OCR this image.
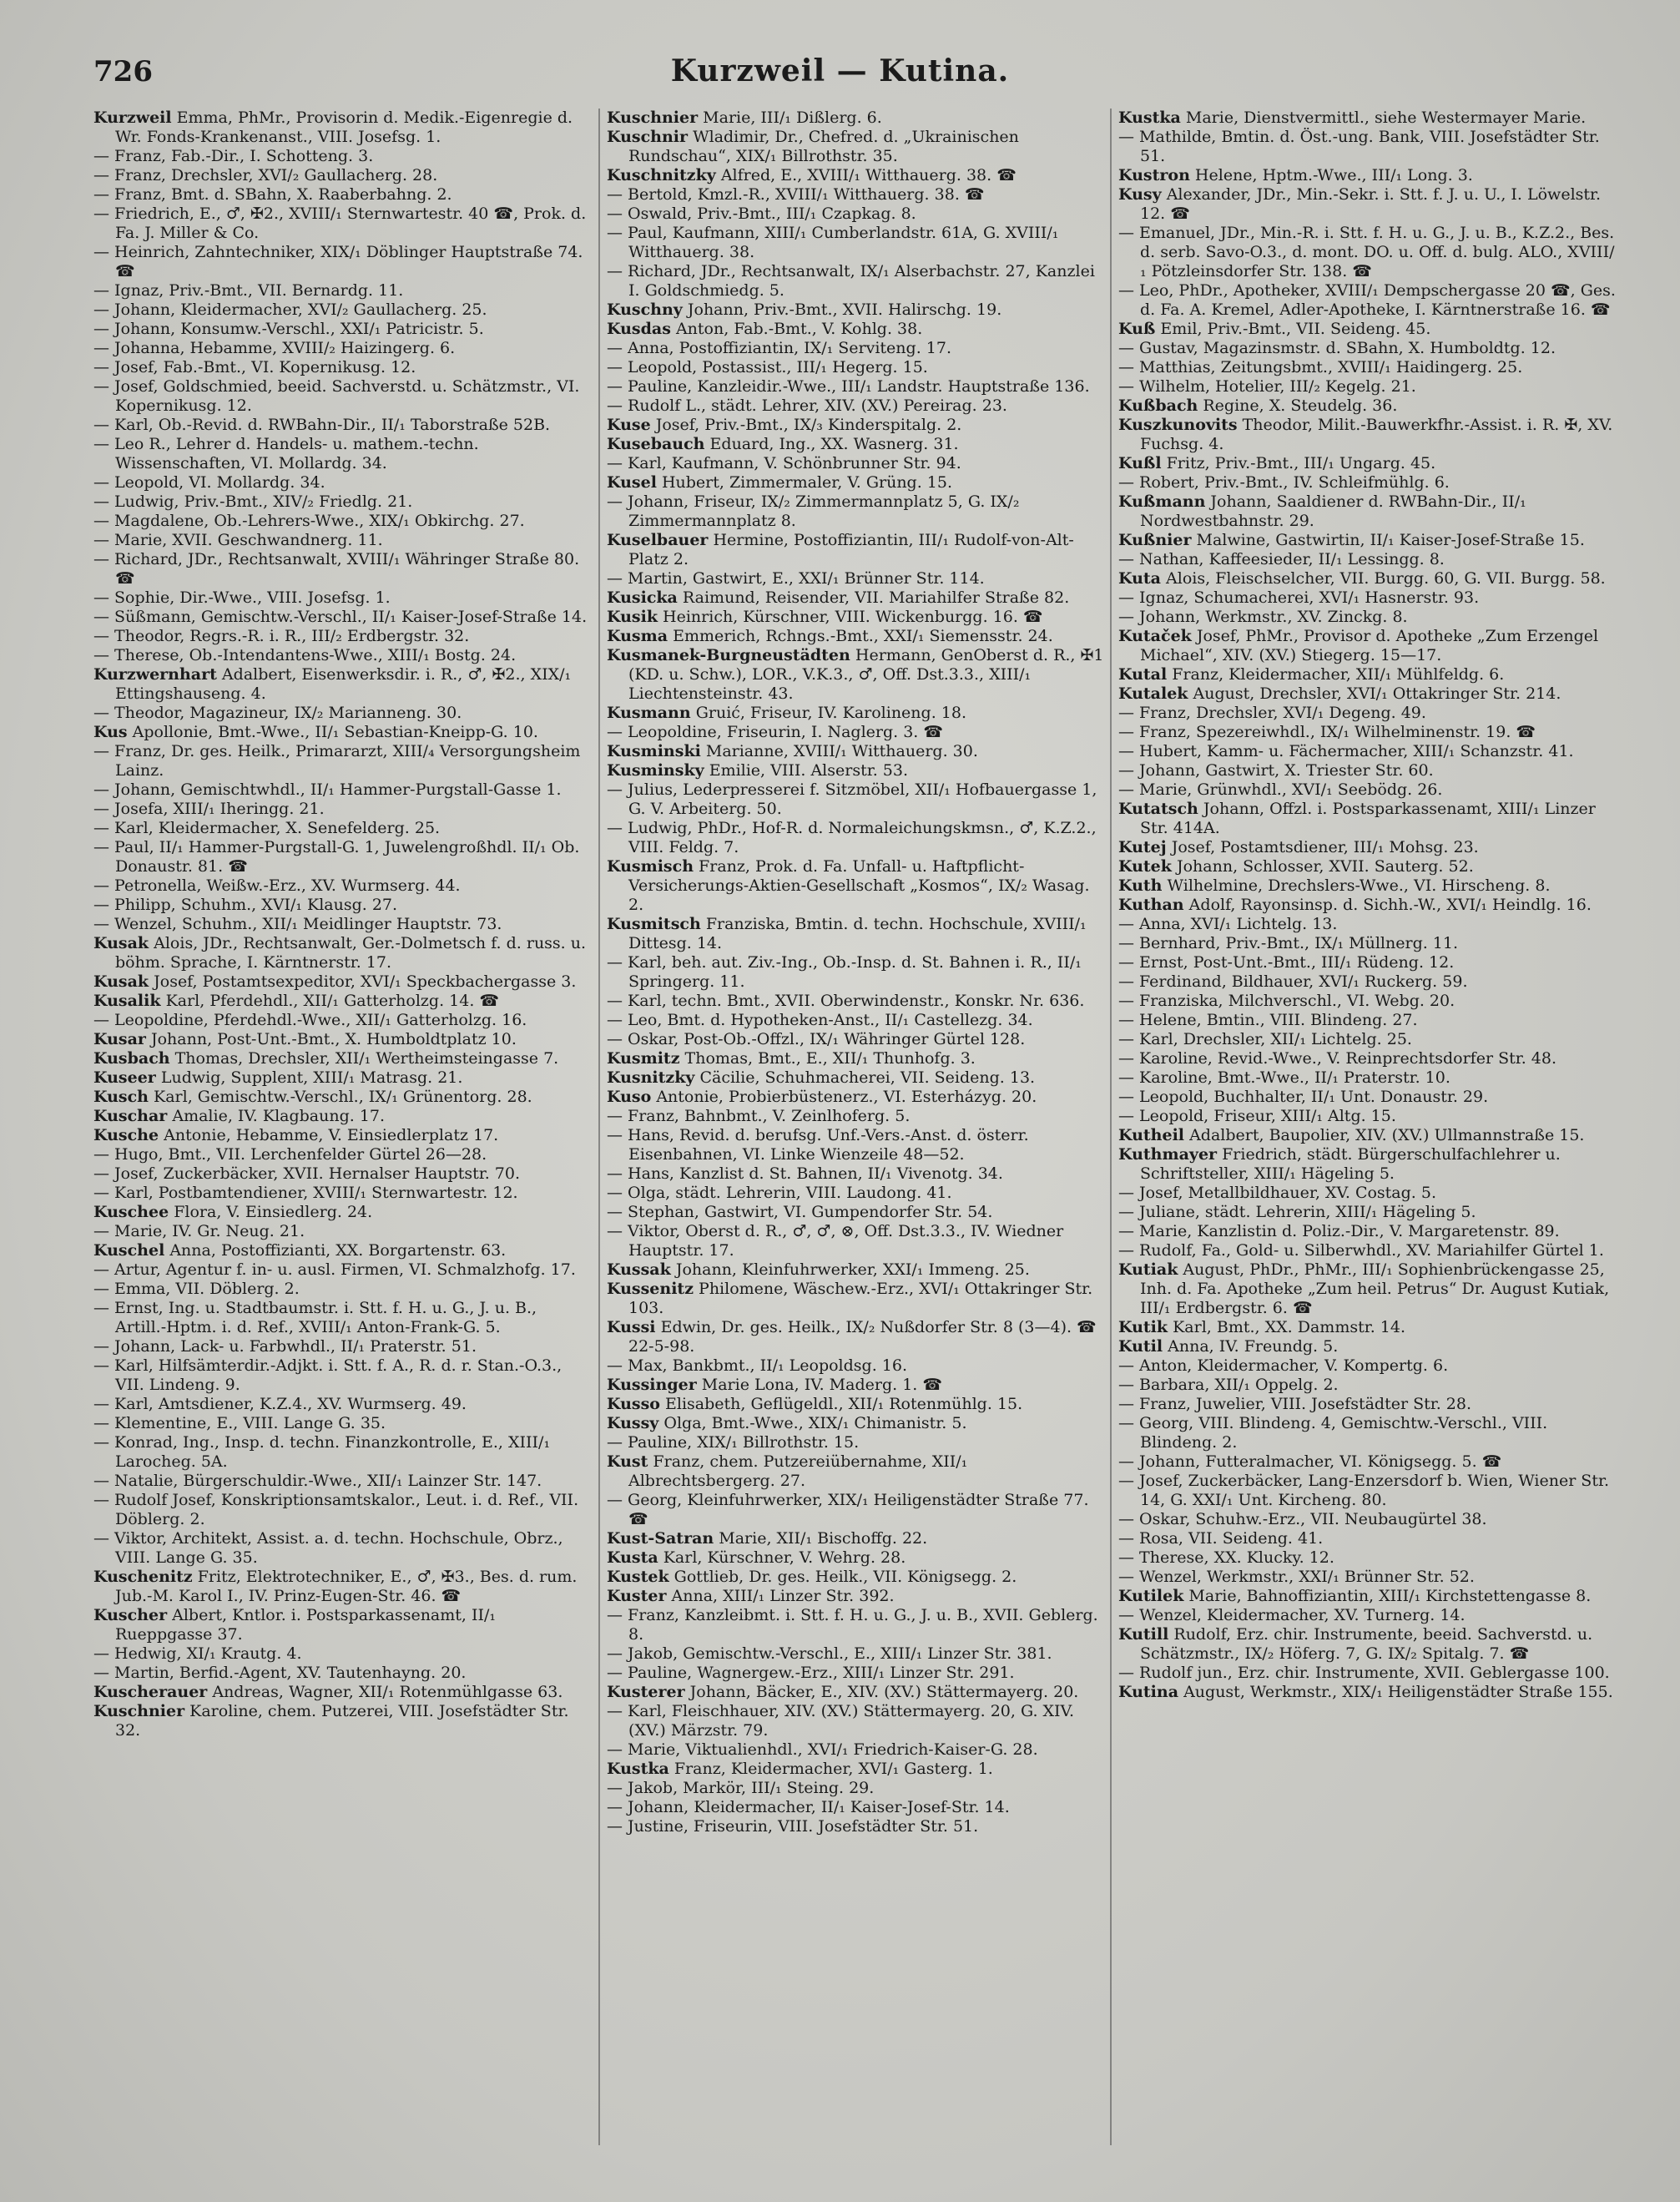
726	Kurzweil — Kutina.

Kurzweil Emma, PhMr., Provisorin d. Medik.-Eigenregie d. Wr. Fonds-Krankenanst., VIII. Josefsg. 1.

— Franz, Fab.-Dir., I. Schotteng. 3.

— Franz, Drechsler, XVI/₂ Gaullacherg. 28.

— Franz, Bmt. d. SBahn, X. Raaberbahng. 2.

— Friedrich, E., ♂, ✠2., XVIII/₁ Sternwartestr. 40 ☎, Prok. d. Fa. J. Miller & Co.

— Heinrich, Zahntechniker, XIX/₁ Döblinger Hauptstraße 74. ☎

— Ignaz, Priv.-Bmt., VII. Bernardg. 11.

— Johann, Kleidermacher, XVI/₂ Gaullacherg. 25.

— Johann, Konsumw.-Verschl., XXI/₁ Patricistr. 5.

— Johanna, Hebamme, XVIII/₂ Haizingerg. 6.

— Josef, Fab.-Bmt., VI. Kopernikusg. 12.

— Josef, Goldschmied, beeid. Sachverstd. u. Schätzmstr., VI. Kopernikusg. 12.

— Karl, Ob.-Revid. d. RWBahn-Dir., II/₁ Taborstraße 52B.

— Leo R., Lehrer d. Handels- u. mathem.-techn. Wissenschaften, VI. Mollardg. 34.

— Leopold, VI. Mollardg. 34.

— Ludwig, Priv.-Bmt., XIV/₂ Friedlg. 21.

— Magdalene, Ob.-Lehrers-Wwe., XIX/₁ Obkirchg. 27.

— Marie, XVII. Geschwandnerg. 11.

— Richard, JDr., Rechtsanwalt, XVIII/₁ Währinger Straße 80. ☎

— Sophie, Dir.-Wwe., VIII. Josefsg. 1.

— Süßmann, Gemischtw.-Verschl., II/₁ Kaiser-Josef-Straße 14.

— Theodor, Regrs.-R. i. R., III/₂ Erdbergstr. 32.

— Therese, Ob.-Intendantens-Wwe., XIII/₁ Bostg. 24.

Kurzwernhart Adalbert, Eisenwerksdir. i. R., ♂, ✠2., XIX/₁ Ettingshauseng. 4.

— Theodor, Magazineur, IX/₂ Marianneng. 30.

Kus Apollonie, Bmt.-Wwe., II/₁ Sebastian-Kneipp-G. 10.

— Franz, Dr. ges. Heilk., Primararzt, XIII/₄ Versorgungsheim Lainz.

— Johann, Gemischtwhdl., II/₁ Hammer-Purgstall-Gasse 1.

— Josefa, XIII/₁ Iheringg. 21.

— Karl, Kleidermacher, X. Senefelderg. 25.

— Paul, II/₁ Hammer-Purgstall-G. 1, Juwelengroßhdl. II/₁ Ob. Donaustr. 81. ☎

— Petronella, Weißw.-Erz., XV. Wurmserg. 44.

— Philipp, Schuhm., XVI/₁ Klausg. 27.

— Wenzel, Schuhm., XII/₁ Meidlinger Hauptstr. 73.

Kusak Alois, JDr., Rechtsanwalt, Ger.-Dolmetsch f. d. russ. u. böhm. Sprache, I. Kärntnerstr. 17.

Kusak Josef, Postamtsexpeditor, XVI/₁ Speckbachergasse 3.

Kusalik Karl, Pferdehdl., XII/₁ Gatterholzg. 14. ☎

— Leopoldine, Pferdehdl.-Wwe., XII/₁ Gatterholzg. 16.

Kusar Johann, Post-Unt.-Bmt., X. Humboldtplatz 10.

Kusbach Thomas, Drechsler, XII/₁ Wertheimsteingasse 7.

Kuseer Ludwig, Supplent, XIII/₁ Matrasg. 21.

Kusch Karl, Gemischtw.-Verschl., IX/₁ Grünentorg. 28.

Kuschar Amalie, IV. Klagbaung. 17.

Kusche Antonie, Hebamme, V. Einsiedlerplatz 17.

— Hugo, Bmt., VII. Lerchenfelder Gürtel 26—28.

— Josef, Zuckerbäcker, XVII. Hernalser Hauptstr. 70.

— Karl, Postbamtendiener, XVIII/₁ Sternwartestr. 12.

Kuschee Flora, V. Einsiedlerg. 24.

— Marie, IV. Gr. Neug. 21.

Kuschel Anna, Postoffizianti, XX. Borgartenstr. 63.

— Artur, Agentur f. in- u. ausl. Firmen, VI. Schmalzhofg. 17.

— Emma, VII. Döblerg. 2.

— Ernst, Ing. u. Stadtbaumstr. i. Stt. f. H. u. G., J. u. B., Artill.-Hptm. i. d. Ref., XVIII/₁ Anton-Frank-G. 5.

— Johann, Lack- u. Farbwhdl., II/₁ Praterstr. 51.

— Karl, Hilfsämterdir.-Adjkt. i. Stt. f. A., R. d. r. Stan.-O.3., VII. Lindeng. 9.

— Karl, Amtsdiener, K.Z.4., XV. Wurmserg. 49.

— Klementine, E., VIII. Lange G. 35.

— Konrad, Ing., Insp. d. techn. Finanzkontrolle, E., XIII/₁ Larocheg. 5A.

— Natalie, Bürgerschuldir.-Wwe., XII/₁ Lainzer Str. 147.

— Rudolf Josef, Konskriptionsamtskalor., Leut. i. d. Ref., VII. Döblerg. 2.

— Viktor, Architekt, Assist. a. d. techn. Hochschule, Obrz., VIII. Lange G. 35.

Kuschenitz Fritz, Elektrotechniker, E., ♂, ✠3., Bes. d. rum. Jub.-M. Karol I., IV. Prinz-Eugen-Str. 46. ☎

Kuscher Albert, Kntlor. i. Postsparkassenamt, II/₁ Rueppgasse 37.

— Hedwig, XI/₁ Krautg. 4.

— Martin, Berfid.-Agent, XV. Tautenhayng. 20.

Kuscherauer Andreas, Wagner, XII/₁ Rotenmühlgasse 63.

Kuschnier Karoline, chem. Putzerei, VIII. Josefstädter Str. 32.

Kuschnier Marie, III/₁ Dißlerg. 6.

Kuschnir Wladimir, Dr., Chefred. d. „Ukrainischen Rundschau“, XIX/₁ Billrothstr. 35.

Kuschnitzky Alfred, E., XVIII/₁ Witthauerg. 38. ☎

— Bertold, Kmzl.-R., XVIII/₁ Witthauerg. 38. ☎

— Oswald, Priv.-Bmt., III/₁ Czapkag. 8.

— Paul, Kaufmann, XIII/₁ Cumberlandstr. 61A, G. XVIII/₁ Witthauerg. 38.

— Richard, JDr., Rechtsanwalt, IX/₁ Alserbachstr. 27, Kanzlei I. Goldschmiedg. 5.

Kuschny Johann, Priv.-Bmt., XVII. Halirschg. 19.

Kusdas Anton, Fab.-Bmt., V. Kohlg. 38.

— Anna, Postoffiziantin, IX/₁ Serviteng. 17.

— Leopold, Postassist., III/₁ Hegerg. 15.

— Pauline, Kanzleidir.-Wwe., III/₁ Landstr. Hauptstraße 136.

— Rudolf L., städt. Lehrer, XIV. (XV.) Pereirag. 23.

Kuse Josef, Priv.-Bmt., IX/₃ Kinderspitalg. 2.

Kusebauch Eduard, Ing., XX. Wasnerg. 31.

— Karl, Kaufmann, V. Schönbrunner Str. 94.

Kusel Hubert, Zimmermaler, V. Grüng. 15.

— Johann, Friseur, IX/₂ Zimmermannplatz 5, G. IX/₂ Zimmermannplatz 8.

Kuselbauer Hermine, Postoffiziantin, III/₁ Rudolf-von-Alt-Platz 2.

— Martin, Gastwirt, E., XXI/₁ Brünner Str. 114.

Kusicka Raimund, Reisender, VII. Mariahilfer Straße 82.

Kusik Heinrich, Kürschner, VIII. Wickenburgg. 16. ☎

Kusma Emmerich, Rchngs.-Bmt., XXI/₁ Siemensstr. 24.

Kusmanek-Burgneustädten Hermann, GenOberst d. R., ✠1 (KD. u. Schw.), LOR., V.K.3., ♂, Off. Dst.3.3., XIII/₁ Liechtensteinstr. 43.

Kusmann Gruić, Friseur, IV. Karolineng. 18.

— Leopoldine, Friseurin, I. Naglerg. 3. ☎

Kusminski Marianne, XVIII/₁ Witthauerg. 30.

Kusminsky Emilie, VIII. Alserstr. 53.

— Julius, Lederpresserei f. Sitzmöbel, XII/₁ Hofbauergasse 1, G. V. Arbeiterg. 50.

— Ludwig, PhDr., Hof-R. d. Normaleichungskmsn., ♂, K.Z.2., VIII. Feldg. 7.

Kusmisch Franz, Prok. d. Fa. Unfall- u. Haftpflicht-Versicherungs-Aktien-Gesellschaft „Kosmos“, IX/₂ Wasag. 2.

Kusmitsch Franziska, Bmtin. d. techn. Hochschule, XVIII/₁ Dittesg. 14.

— Karl, beh. aut. Ziv.-Ing., Ob.-Insp. d. St. Bahnen i. R., II/₁ Springerg. 11.

— Karl, techn. Bmt., XVII. Oberwindenstr., Konskr. Nr. 636.

— Leo, Bmt. d. Hypotheken-Anst., II/₁ Castellezg. 34.

— Oskar, Post-Ob.-Offzl., IX/₁ Währinger Gürtel 128.

Kusmitz Thomas, Bmt., E., XII/₁ Thunhofg. 3.

Kusnitzky Cäcilie, Schuhmacherei, VII. Seideng. 13.

Kuso Antonie, Probierbüstenerz., VI. Esterházyg. 20.

— Franz, Bahnbmt., V. Zeinlhoferg. 5.

— Hans, Revid. d. berufsg. Unf.-Vers.-Anst. d. österr. Eisenbahnen, VI. Linke Wienzeile 48—52.

— Hans, Kanzlist d. St. Bahnen, II/₁ Vivenotg. 34.

— Olga, städt. Lehrerin, VIII. Laudong. 41.

— Stephan, Gastwirt, VI. Gumpendorfer Str. 54.

— Viktor, Oberst d. R., ♂, ♂, ⊗, Off. Dst.3.3., IV. Wiedner Hauptstr. 17.

Kussak Johann, Kleinfuhrwerker, XXI/₁ Immeng. 25.

Kussenitz Philomene, Wäschew.-Erz., XVI/₁ Ottakringer Str. 103.

Kussi Edwin, Dr. ges. Heilk., IX/₂ Nußdorfer Str. 8 (3—4). ☎ 22-5-98.

— Max, Bankbmt., II/₁ Leopoldsg. 16.

Kussinger Marie Lona, IV. Maderg. 1. ☎

Kusso Elisabeth, Geflügeldl., XII/₁ Rotenmühlg. 15.

Kussy Olga, Bmt.-Wwe., XIX/₁ Chimanistr. 5.

— Pauline, XIX/₁ Billrothstr. 15.

Kust Franz, chem. Putzereiübernahme, XII/₁ Albrechtsbergerg. 27.

— Georg, Kleinfuhrwerker, XIX/₁ Heiligenstädter Straße 77. ☎

Kust-Satran Marie, XII/₁ Bischoffg. 22.

Kusta Karl, Kürschner, V. Wehrg. 28.

Kustek Gottlieb, Dr. ges. Heilk., VII. Königsegg. 2.

Kuster Anna, XIII/₁ Linzer Str. 392.

— Franz, Kanzleibmt. i. Stt. f. H. u. G., J. u. B., XVII. Geblerg. 8.

— Jakob, Gemischtw.-Verschl., E., XIII/₁ Linzer Str. 381.

— Pauline, Wagnergew.-Erz., XIII/₁ Linzer Str. 291.

Kusterer Johann, Bäcker, E., XIV. (XV.) Stättermayerg. 20.

— Karl, Fleischhauer, XIV. (XV.) Stättermayerg. 20, G. XIV. (XV.) Märzstr. 79.

— Marie, Viktualienhdl., XVI/₁ Friedrich-Kaiser-G. 28.

Kustka Franz, Kleidermacher, XVI/₁ Gasterg. 1.

— Jakob, Markör, III/₁ Steing. 29.

— Johann, Kleidermacher, II/₁ Kaiser-Josef-Str. 14.

— Justine, Friseurin, VIII. Josefstädter Str. 51.

Kustka Marie, Dienstvermittl., siehe Westermayer Marie.

— Mathilde, Bmtin. d. Öst.-ung. Bank, VIII. Josefstädter Str. 51.

Kustron Helene, Hptm.-Wwe., III/₁ Long. 3.

Kusy Alexander, JDr., Min.-Sekr. i. Stt. f. J. u. U., I. Löwelstr. 12. ☎

— Emanuel, JDr., Min.-R. i. Stt. f. H. u. G., J. u. B., K.Z.2., Bes. d. serb. Savo-O.3., d. mont. DO. u. Off. d. bulg. ALO., XVIII/₁ Pötzleinsdorfer Str. 138. ☎

— Leo, PhDr., Apotheker, XVIII/₁ Dempschergasse 20 ☎, Ges. d. Fa. A. Kremel, Adler-Apotheke, I. Kärntnerstraße 16. ☎

Kuß Emil, Priv.-Bmt., VII. Seideng. 45.

— Gustav, Magazinsmstr. d. SBahn, X. Humboldtg. 12.

— Matthias, Zeitungsbmt., XVIII/₁ Haidingerg. 25.

— Wilhelm, Hotelier, III/₂ Kegelg. 21.

Kußbach Regine, X. Steudelg. 36.

Kuszkunovits Theodor, Milit.-Bauwerkfhr.-Assist. i. R. ✠, XV. Fuchsg. 4.

Kußl Fritz, Priv.-Bmt., III/₁ Ungarg. 45.

— Robert, Priv.-Bmt., IV. Schleifmühlg. 6.

Kußmann Johann, Saaldiener d. RWBahn-Dir., II/₁ Nordwestbahnstr. 29.

Kußnier Malwine, Gastwirtin, II/₁ Kaiser-Josef-Straße 15.

— Nathan, Kaffeesieder, II/₁ Lessingg. 8.

Kuta Alois, Fleischselcher, VII. Burgg. 60, G. VII. Burgg. 58.

— Ignaz, Schumacherei, XVI/₁ Hasnerstr. 93.

— Johann, Werkmstr., XV. Zinckg. 8.

Kutaček Josef, PhMr., Provisor d. Apotheke „Zum Erzengel Michael“, XIV. (XV.) Stiegerg. 15—17.

Kutal Franz, Kleidermacher, XII/₁ Mühlfeldg. 6.

Kutalek August, Drechsler, XVI/₁ Ottakringer Str. 214.

— Franz, Drechsler, XVI/₁ Degeng. 49.

— Franz, Spezereiwhdl., IX/₁ Wilhelminenstr. 19. ☎

— Hubert, Kamm- u. Fächermacher, XIII/₁ Schanzstr. 41.

— Johann, Gastwirt, X. Triester Str. 60.

— Marie, Grünwhdl., XVI/₁ Seebödg. 26.

Kutatsch Johann, Offzl. i. Postsparkassenamt, XIII/₁ Linzer Str. 414A.

Kutej Josef, Postamtsdiener, III/₁ Mohsg. 23.

Kutek Johann, Schlosser, XVII. Sauterg. 52.

Kuth Wilhelmine, Drechslers-Wwe., VI. Hirscheng. 8.

Kuthan Adolf, Rayonsinsp. d. Sichh.-W., XVI/₁ Heindlg. 16.

— Anna, XVI/₁ Lichtelg. 13.

— Bernhard, Priv.-Bmt., IX/₁ Müllnerg. 11.

— Ernst, Post-Unt.-Bmt., III/₁ Rüdeng. 12.

— Ferdinand, Bildhauer, XVI/₁ Ruckerg. 59.

— Franziska, Milchverschl., VI. Webg. 20.

— Helene, Bmtin., VIII. Blindeng. 27.

— Karl, Drechsler, XII/₁ Lichtelg. 25.

— Karoline, Revid.-Wwe., V. Reinprechtsdorfer Str. 48.

— Karoline, Bmt.-Wwe., II/₁ Praterstr. 10.

— Leopold, Buchhalter, II/₁ Unt. Donaustr. 29.

— Leopold, Friseur, XIII/₁ Altg. 15.

Kutheil Adalbert, Baupolier, XIV. (XV.) Ullmannstraße 15.

Kuthmayer Friedrich, städt. Bürgerschulfachlehrer u. Schriftsteller, XIII/₁ Hägeling 5.

— Josef, Metallbildhauer, XV. Costag. 5.

— Juliane, städt. Lehrerin, XIII/₁ Hägeling 5.

— Marie, Kanzlistin d. Poliz.-Dir., V. Margaretenstr. 89.

— Rudolf, Fa., Gold- u. Silberwhdl., XV. Mariahilfer Gürtel 1.

Kutiak August, PhDr., PhMr., III/₁ Sophienbrückengasse 25, Inh. d. Fa. Apotheke „Zum heil. Petrus“ Dr. August Kutiak, III/₁ Erdbergstr. 6. ☎

Kutik Karl, Bmt., XX. Dammstr. 14.

Kutil Anna, IV. Freundg. 5.

— Anton, Kleidermacher, V. Kompertg. 6.

— Barbara, XII/₁ Oppelg. 2.

— Franz, Juwelier, VIII. Josefstädter Str. 28.

— Georg, VIII. Blindeng. 4, Gemischtw.-Verschl., VIII. Blindeng. 2.

— Johann, Futteralmacher, VI. Königsegg. 5. ☎

— Josef, Zuckerbäcker, Lang-Enzersdorf b. Wien, Wiener Str. 14, G. XXI/₁ Unt. Kircheng. 80.

— Oskar, Schuhw.-Erz., VII. Neubaugürtel 38.

— Rosa, VII. Seideng. 41.

— Therese, XX. Klucky. 12.

— Wenzel, Werkmstr., XXI/₁ Brünner Str. 52.

Kutilek Marie, Bahnoffiziantin, XIII/₁ Kirchstettengasse 8.

— Wenzel, Kleidermacher, XV. Turnerg. 14.

Kutill Rudolf, Erz. chir. Instrumente, beeid. Sachverstd. u. Schätzmstr., IX/₂ Höferg. 7, G. IX/₂ Spitalg. 7. ☎

— Rudolf jun., Erz. chir. Instrumente, XVII. Geblergasse 100.

Kutina August, Werkmstr., XIX/₁ Heiligenstädter Straße 155.
